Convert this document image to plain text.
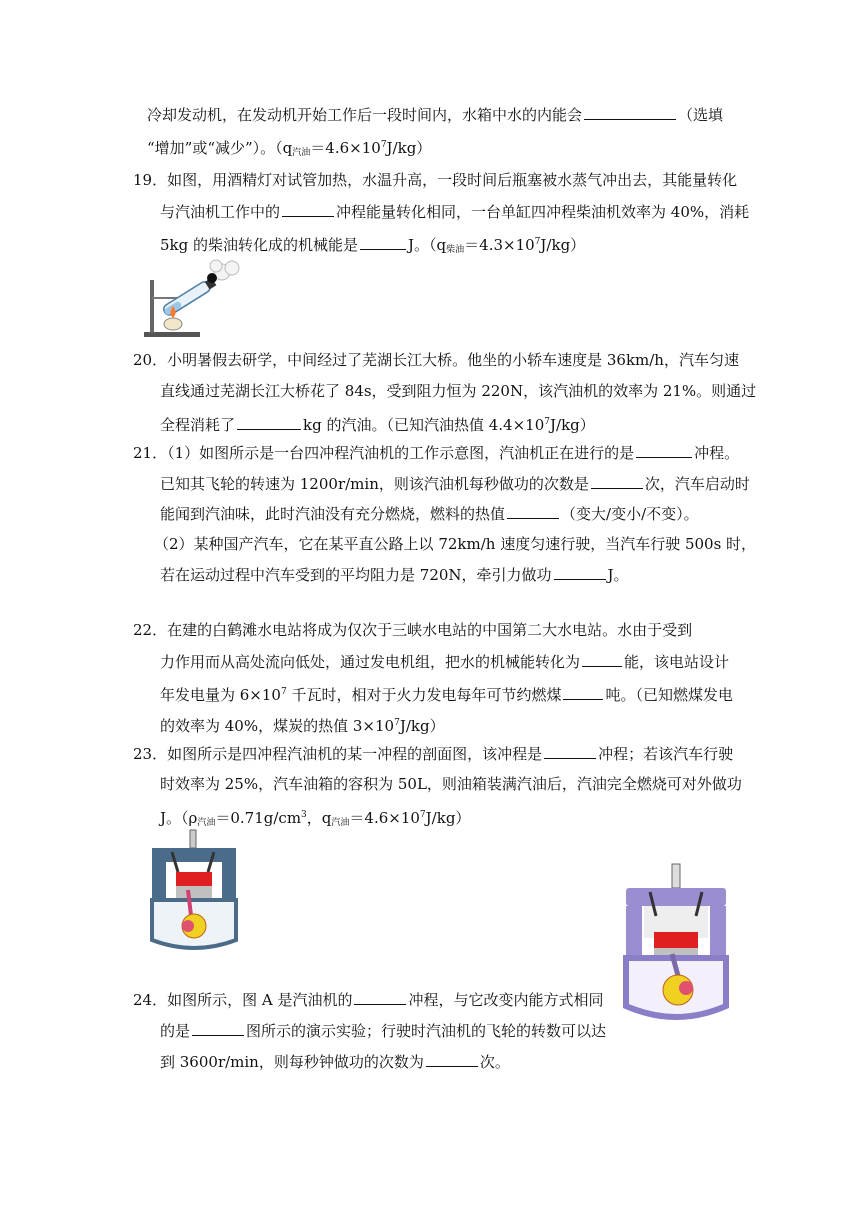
冷却发动机，在发动机开始工作后一段时间内，水箱中水的内能会	（选填
“增加”或“减少”）。$(q_{汽油}=4.6\times 10^7J/kg)$
19．如图，用酒精灯对试管加热，水温升高，一段时间后瓶塞被水蒸气冲出去，其能量转化
与汽油机工作中的	冲程能量转化相同，一台单缸四冲程柴油机效率为 40%，消耗
5kg 的柴油转化成的机械能是	J。$(q_{柴油}=4.3\times 10^7J/kg)$
20．小明暑假去研学，中间经过了芜湖长江大桥。他坐的小轿车速度是 36km/h，汽车匀速
直线通过芜湖长江大桥花了 84s，受到阻力恒为 220N，该汽油机的效率为 21%。则通过
全程消耗了	kg 的汽油。（已知汽油热值 $4.4\times 10^7J/kg$）
21．（1）如图所示是一台四冲程汽油机的工作示意图，汽油机正在进行的是	冲程。
已知其飞轮的转速为 1200r/min，则该汽油机每秒做功的次数是	次，汽车启动时
能闻到汽油味，此时汽油没有充分燃烧，燃料的热值	（变大/变小/不变）。
（2）某种国产汽车，它在某平直公路上以 72km/h 速度匀速行驶，当汽车行驶 500s 时，
若在运动过程中汽车受到的平均阻力是 720N，牵引力做功	J。
22．在建的白鹤滩水电站将成为仅次于三峡水电站的中国第二大水电站。水由于受到
力作用而从高处流向低处，通过发电机组，把水的机械能转化为	能，该电站设计
年发电量为 $6\times 10^7$ 千瓦时，相对于火力发电每年可节约燃煤	吨。（已知燃煤发电
的效率为 40%，煤炭的热值 $3\times 10^7J/kg$）
23．如图所示是四冲程汽油机的某一冲程的剖面图，该冲程是	冲程；若该汽车行驶
时效率为 25%，汽车油箱的容积为 50L，则油箱装满汽油后，汽油完全燃烧可对外做功
J。（$\rho_{汽油}=0.71g/cm^3$，$q_{汽油}=4.6\times 10^7J/kg$）
24．如图所示，图 A 是汽油机的	冲程，与它改变内能方式相同
的是	图所示的演示实验；行驶时汽油机的飞轮的转数可以达
到 3600r/min，则每秒钟做功的次数为	次。
